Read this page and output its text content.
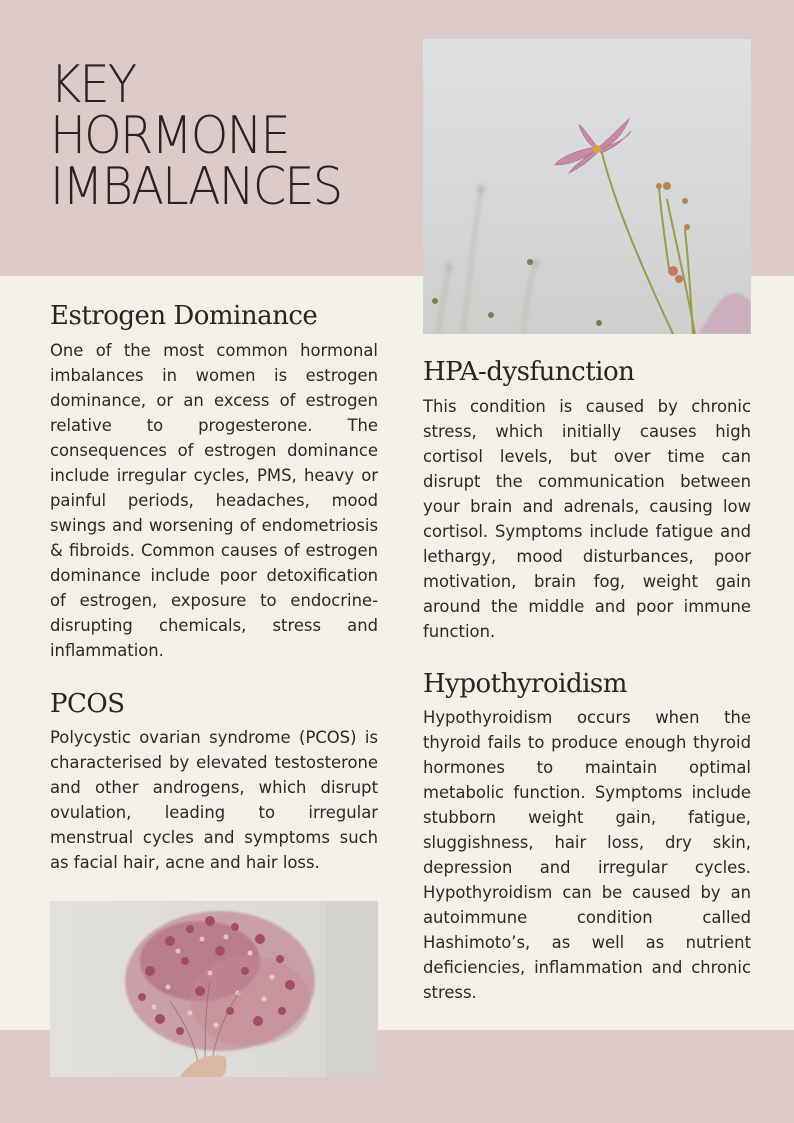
KEY
HORMONE
IMBALANCES
Estrogen Dominance

One of the most common hormonal imbalances in women is estrogen dominance, or an excess of estrogen relative to progesterone. The consequences of estrogen dominance include irregular cycles, PMS, heavy or painful periods, headaches, mood swings and worsening of endometriosis & fibroids. Common causes of estrogen dominance include poor detoxification of estrogen, exposure to endocrine-disrupting chemicals, stress and inflammation.

PCOS

Polycystic ovarian syndrome (PCOS) is characterised by elevated testosterone and other androgens, which disrupt ovulation, leading to irregular menstrual cycles and symptoms such as facial hair, acne and hair loss.

HPA-dysfunction

This condition is caused by chronic stress, which initially causes high cortisol levels, but over time can disrupt the communication between your brain and adrenals, causing low cortisol. Symptoms include fatigue and lethargy, mood disturbances, poor motivation, brain fog, weight gain around the middle and poor immune function.

Hypothyroidism

Hypothyroidism occurs when the thyroid fails to produce enough thyroid hormones to maintain optimal metabolic function. Symptoms include stubborn weight gain, fatigue, sluggishness, hair loss, dry skin, depression and irregular cycles. Hypothyroidism can be caused by an autoimmune condition called Hashimoto’s, as well as nutrient deficiencies, inflammation and chronic stress.
